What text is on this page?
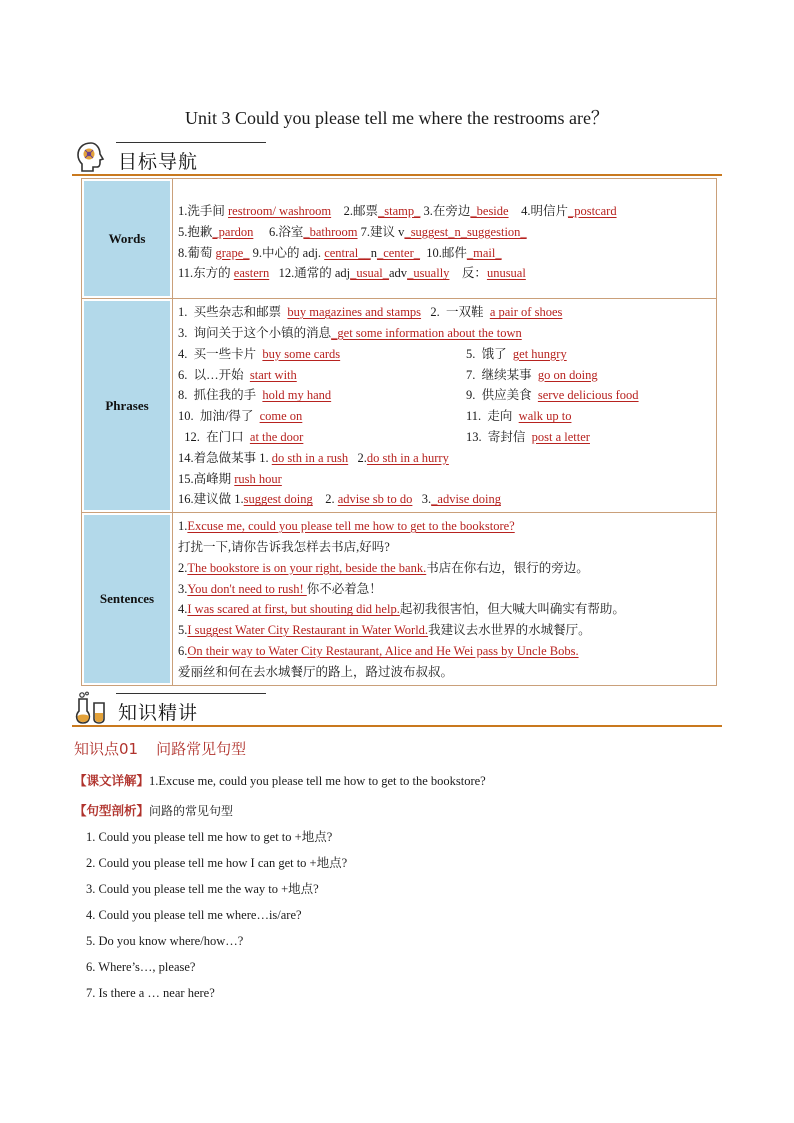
Unit 3 Could you please tell me where the restrooms are？
目标导航
Words
1.洗手间 restroom/ washroom    2.邮票_stamp_ 3.在旁边_beside    4.明信片_postcard
5.抱歉_pardon     6.浴室_bathroom 7.建议 v_suggest_n_suggestion_
8.葡萄 grape_ 9.中心的 adj. central__n_center_  10.邮件_mail_
11.东方的 eastern   12.通常的 adj_usual_adv_usually    反：unusual
Phrases
1.  买些杂志和邮票  buy magazines and stamps   2.  一双鞋  a pair of shoes
3.  询问关于这个小镇的消息_get some information about the town
4.  买一些卡片  buy some cards	5.  饿了  get hungry
6.  以…开始  start with	7.  继续某事  go on doing
8.  抓住我的手  hold my hand	9.  供应美食  serve delicious food
10.  加油/得了  come on	11.  走向  walk up to
12.  在门口  at the door	13.  寄封信  post a letter
14.着急做某事 1. do sth in a rush   2.do sth in a hurry
15.高峰期 rush hour
16.建议做 1.suggest doing    2. advise sb to do   3._advise doing
Sentences
1.Excuse me, could you please tell me how to get to the bookstore?
打扰一下,请你告诉我怎样去书店,好吗?
2.The bookstore is on your right, beside the bank.书店在你右边，银行的旁边。
3.You don't need to rush! 你不必着急！
4.I was scared at first, but shouting did help.起初我很害怕，但大喊大叫确实有帮助。
5.I suggest Water City Restaurant in Water World.我建议去水世界的水城餐厅。
6.On their way to Water City Restaurant, Alice and He Wei pass by Uncle Bobs.爱丽丝和何在去水城餐厅的路上，路过波布叔叔。
知识精讲
知识点01 问路常见句型
【课文详解】1.Excuse me, could you please tell me how to get to the bookstore?
【句型剖析】问路的常见句型
1. Could you please tell me how to get to +地点?
2. Could you please tell me how I can get to +地点?
3. Could you please tell me the way to +地点?
4. Could you please tell me where…is/are?
5. Do you know where/how…?
6. Where’s…, please?
7. Is there a … near here?
